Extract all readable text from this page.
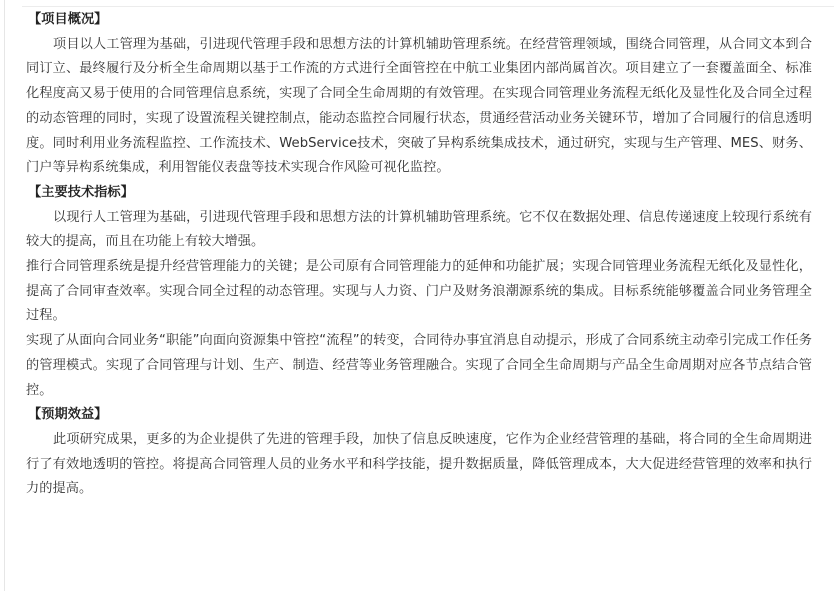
【项目概况】

项目以人工管理为基础，引进现代管理手段和思想方法的计算机辅助管理系统。在经营管理领域，围绕合同管理，从合同文本到合同订立、最终履行及分析全生命周期以基于工作流的方式进行全面管控在中航工业集团内部尚属首次。项目建立了一套覆盖面全、标准化程度高又易于使用的合同管理信息系统，实现了合同全生命周期的有效管理。在实现合同管理业务流程无纸化及显性化及合同全过程的动态管理的同时，实现了设置流程关键控制点，能动态监控合同履行状态，贯通经营活动业务关键环节，增加了合同履行的信息透明度。同时利用业务流程监控、工作流技术、WebService技术，突破了异构系统集成技术，通过研究，实现与生产管理、MES、财务、门户等异构系统集成，利用智能仪表盘等技术实现合作风险可视化监控。

【主要技术指标】

以现行人工管理为基础，引进现代管理手段和思想方法的计算机辅助管理系统。它不仅在数据处理、信息传递速度上较现行系统有较大的提高，而且在功能上有较大增强。

推行合同管理系统是提升经营管理能力的关键；是公司原有合同管理能力的延伸和功能扩展；实现合同管理业务流程无纸化及显性化，提高了合同审查效率。实现合同全过程的动态管理。实现与人力资、门户及财务浪潮源系统的集成。目标系统能够覆盖合同业务管理全过程。

实现了从面向合同业务“职能”向面向资源集中管控“流程”的转变，合同待办事宜消息自动提示，形成了合同系统主动牵引完成工作任务的管理模式。实现了合同管理与计划、生产、制造、经营等业务管理融合。实现了合同全生命周期与产品全生命周期对应各节点结合管控。

【预期效益】

此项研究成果，更多的为企业提供了先进的管理手段，加快了信息反映速度，它作为企业经营管理的基础，将合同的全生命周期进行了有效地透明的管控。将提高合同管理人员的业务水平和科学技能，提升数据质量，降低管理成本，大大促进经营管理的效率和执行力的提高。
